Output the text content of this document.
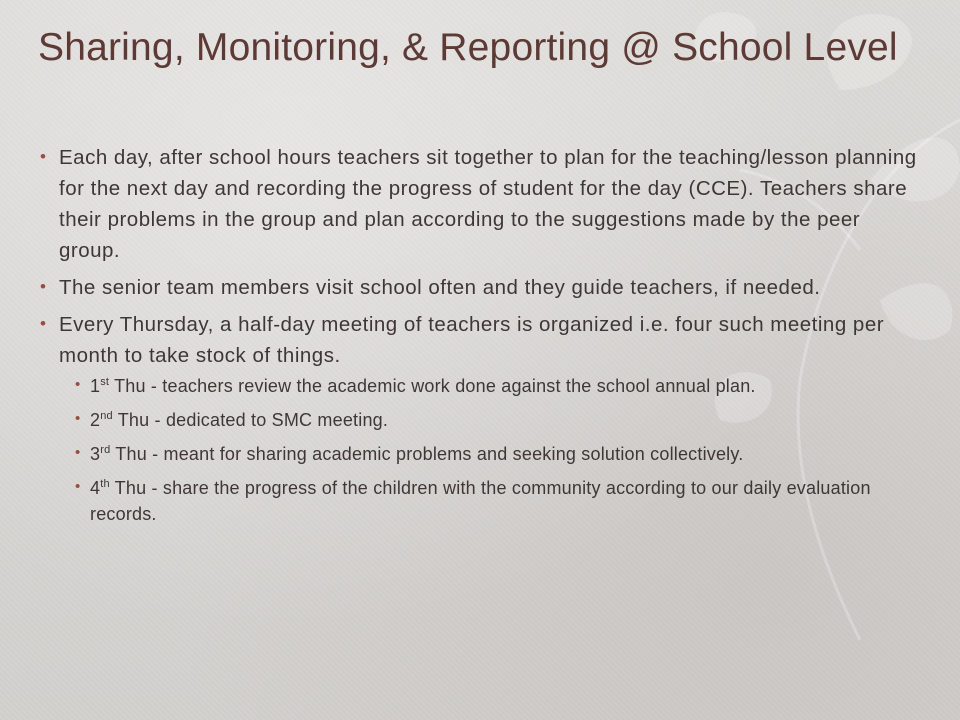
Sharing, Monitoring, & Reporting @ School Level
• Each day, after school hours teachers sit together to plan for the teaching/lesson planning for the next day and recording the progress of student for the day (CCE). Teachers share their problems in the group and plan according to the suggestions made by the peer group.
• The senior team members visit school often and they guide teachers, if needed.
• Every Thursday, a half-day meeting of teachers is organized i.e. four such meeting per month to take stock of things.
• 1st Thu - teachers review the academic work done against the school annual plan.
• 2nd Thu - dedicated to SMC meeting.
• 3rd Thu - meant for sharing academic problems and seeking solution collectively.
• 4th Thu - share the progress of the children with the community according to our daily evaluation records.
